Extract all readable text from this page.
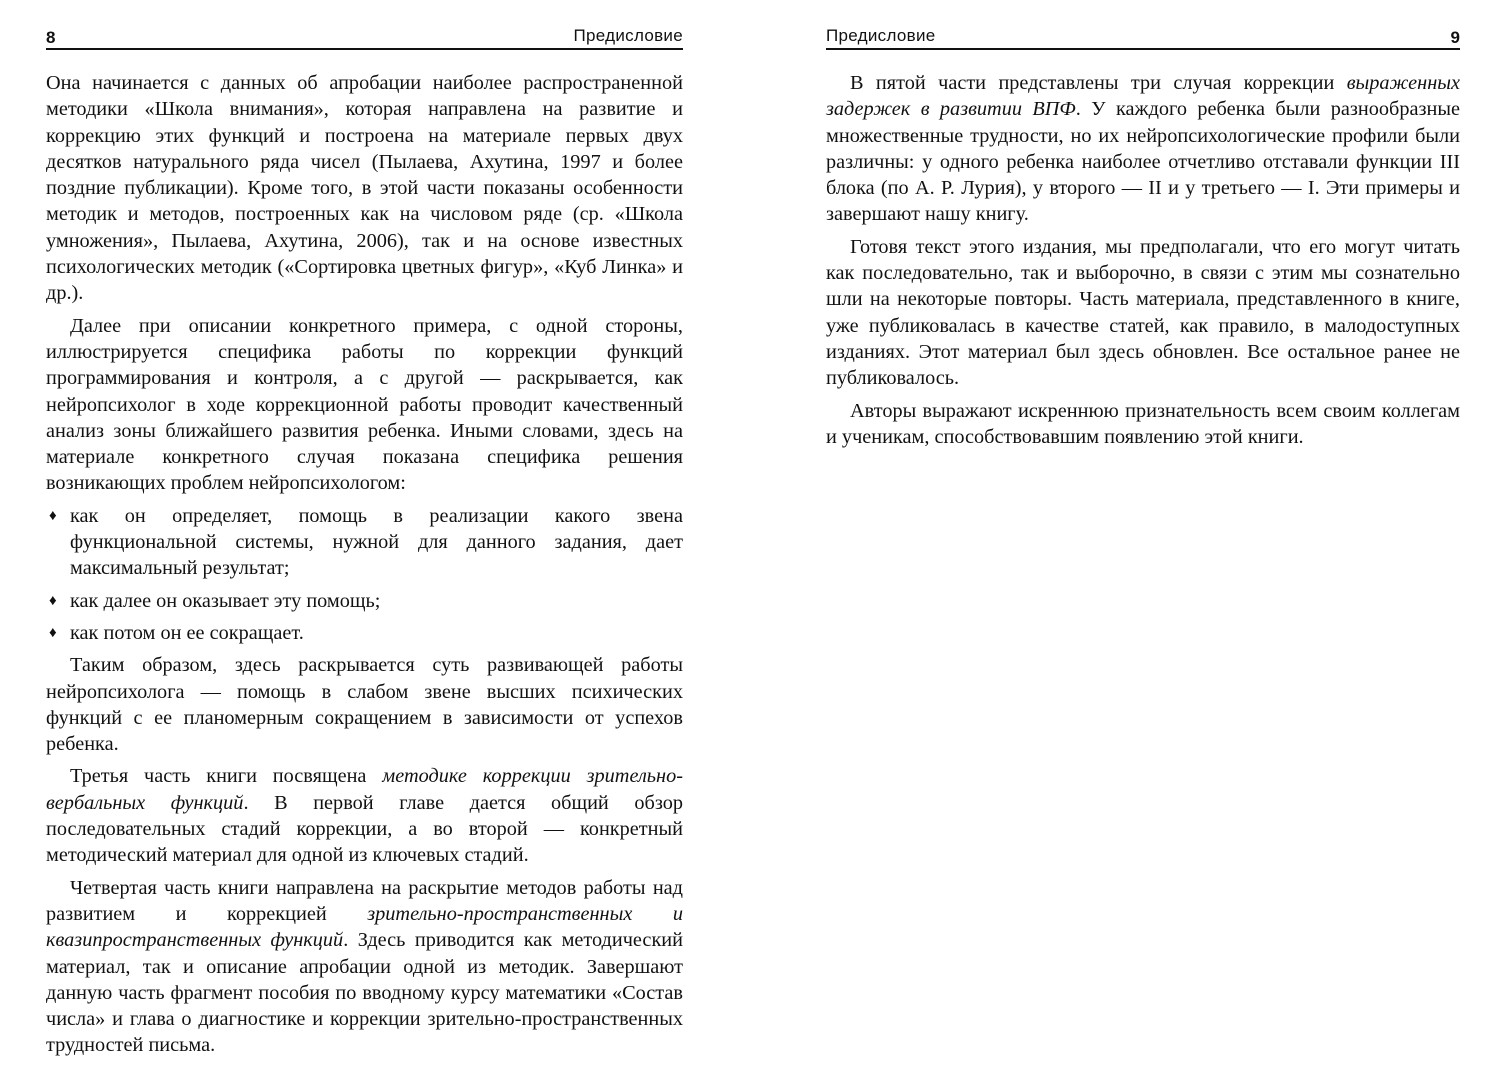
8	Предисловие

Она начинается с данных об апробации наиболее распространенной методики «Школа внимания», которая направлена на развитие и коррекцию этих функций и построена на материале первых двух десятков натурального ряда чисел (Пылаева, Ахутина, 1997 и более поздние публикации). Кроме того, в этой части показаны особенности методик и методов, построенных как на числовом ряде (ср. «Школа умножения», Пылаева, Ахутина, 2006), так и на основе известных психологических методик («Сортировка цветных фигур», «Куб Линка» и др.).

Далее при описании конкретного примера, с одной стороны, иллюстрируется специфика работы по коррекции функций программирования и контроля, а с другой — раскрывается, как нейропсихолог в ходе коррекционной работы проводит качественный анализ зоны ближайшего развития ребенка. Иными словами, здесь на материале конкретного случая показана специфика решения возникающих проблем нейропсихологом:

♦ как он определяет, помощь в реализации какого звена функциональной системы, нужной для данного задания, дает максимальный результат;
♦ как далее он оказывает эту помощь;
♦ как потом он ее сокращает.

Таким образом, здесь раскрывается суть развивающей работы нейропсихолога — помощь в слабом звене высших психических функций с ее планомерным сокращением в зависимости от успехов ребенка.

Третья часть книги посвящена методике коррекции зрительно-вербальных функций. В первой главе дается общий обзор последовательных стадий коррекции, а во второй — конкретный методический материал для одной из ключевых стадий.

Четвертая часть книги направлена на раскрытие методов работы над развитием и коррекцией зрительно-пространственных и квазипространственных функций. Здесь приводится как методический материал, так и описание апробации одной из методик. Завершают данную часть фрагмент пособия по вводному курсу математики «Состав числа» и глава о диагностике и коррекции зрительно-пространственных трудностей письма.

Предисловие	9

В пятой части представлены три случая коррекции выраженных задержек в развитии ВПФ. У каждого ребенка были разнообразные множественные трудности, но их нейропсихологические профили были различны: у одного ребенка наиболее отчетливо отставали функции III блока (по А. Р. Лурия), у второго — II и у третьего — I. Эти примеры и завершают нашу книгу.

Готовя текст этого издания, мы предполагали, что его могут читать как последовательно, так и выборочно, в связи с этим мы сознательно шли на некоторые повторы. Часть материала, представленного в книге, уже публиковалась в качестве статей, как правило, в малодоступных изданиях. Этот материал был здесь обновлен. Все остальное ранее не публиковалось.

Авторы выражают искреннюю признательность всем своим коллегам и ученикам, способствовавшим появлению этой книги.
